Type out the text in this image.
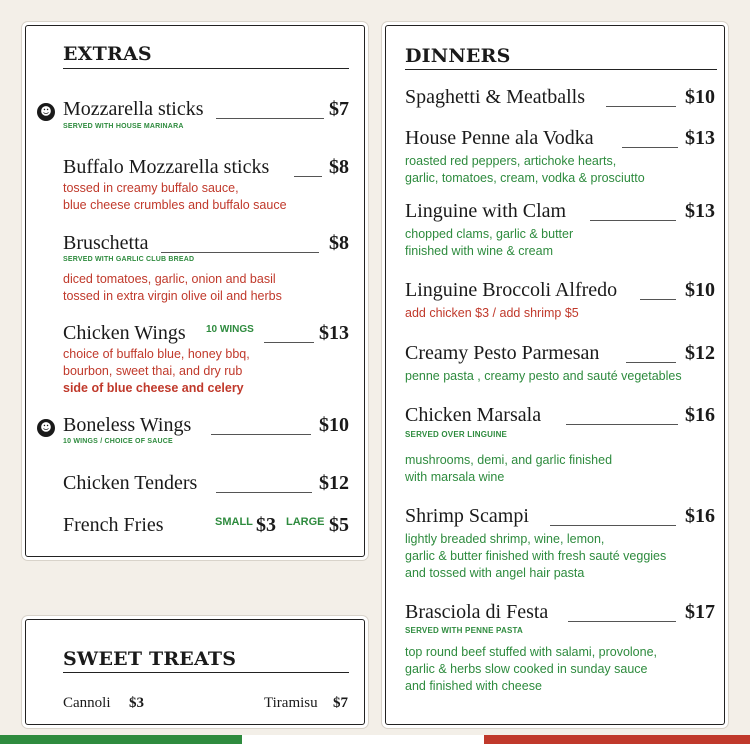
EXTRAS
☻ Mozzarella sticks	$7
SERVED WITH HOUSE MARINARA
Buffalo Mozzarella sticks	$8
tossed in creamy buffalo sauce,
blue cheese crumbles and buffalo sauce
Bruschetta	$8
SERVED WITH GARLIC CLUB BREAD
diced tomatoes, garlic, onion and basil
tossed in extra virgin olive oil and herbs
Chicken Wings 10 WINGS	$13
choice of buffalo blue, honey bbq,
bourbon, sweet thai, and dry rub
side of blue cheese and celery
☻ Boneless Wings	$10
10 WINGS / CHOICE OF SAUCE
Chicken Tenders	$12
French Fries	SMALL $3 LARGE $5
SWEET TREATS
Cannoli $3	Tiramisu $7
DINNERS
Spaghetti & Meatballs	$10
House Penne ala Vodka	$13
roasted red peppers, artichoke hearts,
garlic, tomatoes, cream, vodka & prosciutto
Linguine with Clam	$13
chopped clams, garlic & butter
finished with wine & cream
Linguine Broccoli Alfredo	$10
add chicken $3 / add shrimp $5
Creamy Pesto Parmesan	$12
penne pasta , creamy pesto and sauté vegetables
Chicken Marsala	$16
SERVED OVER LINGUINE
mushrooms, demi, and garlic finished
with marsala wine
Shrimp Scampi	$16
lightly breaded shrimp, wine, lemon,
garlic & butter finished with fresh sauté veggies
and tossed with angel hair pasta
Brasciola di Festa	$17
SERVED WITH PENNE PASTA
top round beef stuffed with salami, provolone,
garlic & herbs slow cooked in sunday sauce
and finished with cheese
